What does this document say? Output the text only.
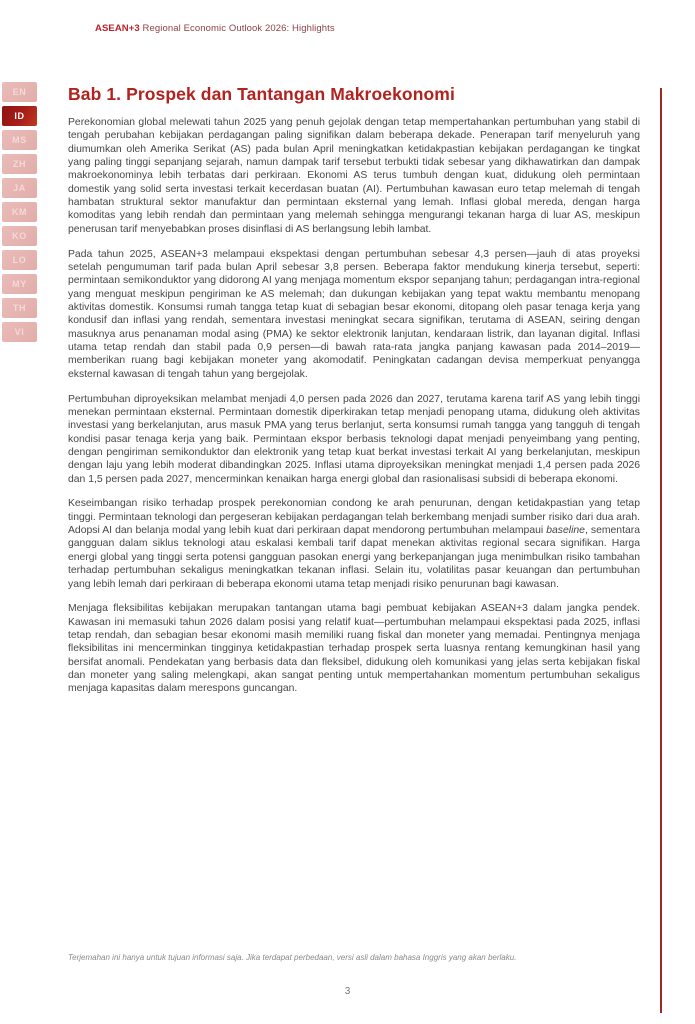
ASEAN+3 Regional Economic Outlook 2026: Highlights
EN
ID
MS
ZH
JA
KM
KO
LO
MY
TH
VI
Bab 1. Prospek dan Tantangan Makroekonomi

Perekonomian global melewati tahun 2025 yang penuh gejolak dengan tetap mempertahankan pertumbuhan yang stabil di tengah perubahan kebijakan perdagangan paling signifikan dalam beberapa dekade. Penerapan tarif menyeluruh yang diumumkan oleh Amerika Serikat (AS) pada bulan April meningkatkan ketidakpastian kebijakan perdagangan ke tingkat yang paling tinggi sepanjang sejarah, namun dampak tarif tersebut terbukti tidak sebesar yang dikhawatirkan dan dampak makroekonominya lebih terbatas dari perkiraan. Ekonomi AS terus tumbuh dengan kuat, didukung oleh permintaan domestik yang solid serta investasi terkait kecerdasan buatan (AI). Pertumbuhan kawasan euro tetap melemah di tengah hambatan struktural sektor manufaktur dan permintaan eksternal yang lemah. Inflasi global mereda, dengan harga komoditas yang lebih rendah dan permintaan yang melemah sehingga mengurangi tekanan harga di luar AS, meskipun penerusan tarif menyebabkan proses disinflasi di AS berlangsung lebih lambat.

Pada tahun 2025, ASEAN+3 melampaui ekspektasi dengan pertumbuhan sebesar 4,3 persen—jauh di atas proyeksi setelah pengumuman tarif pada bulan April sebesar 3,8 persen. Beberapa faktor mendukung kinerja tersebut, seperti: permintaan semikonduktor yang didorong AI yang menjaga momentum ekspor sepanjang tahun; perdagangan intra-regional yang menguat meskipun pengiriman ke AS melemah; dan dukungan kebijakan yang tepat waktu membantu menopang aktivitas domestik. Konsumsi rumah tangga tetap kuat di sebagian besar ekonomi, ditopang oleh pasar tenaga kerja yang kondusif dan inflasi yang rendah, sementara investasi meningkat secara signifikan, terutama di ASEAN, seiring dengan masuknya arus penanaman modal asing (PMA) ke sektor elektronik lanjutan, kendaraan listrik, dan layanan digital. Inflasi utama tetap rendah dan stabil pada 0,9 persen—di bawah rata-rata jangka panjang kawasan pada 2014–2019—memberikan ruang bagi kebijakan moneter yang akomodatif. Peningkatan cadangan devisa memperkuat penyangga eksternal kawasan di tengah tahun yang bergejolak.

Pertumbuhan diproyeksikan melambat menjadi 4,0 persen pada 2026 dan 2027, terutama karena tarif AS yang lebih tinggi menekan permintaan eksternal. Permintaan domestik diperkirakan tetap menjadi penopang utama, didukung oleh aktivitas investasi yang berkelanjutan, arus masuk PMA yang terus berlanjut, serta konsumsi rumah tangga yang tangguh di tengah kondisi pasar tenaga kerja yang baik. Permintaan ekspor berbasis teknologi dapat menjadi penyeimbang yang penting, dengan pengiriman semikonduktor dan elektronik yang tetap kuat berkat investasi terkait AI yang berkelanjutan, meskipun dengan laju yang lebih moderat dibandingkan 2025. Inflasi utama diproyeksikan meningkat menjadi 1,4 persen pada 2026 dan 1,5 persen pada 2027, mencerminkan kenaikan harga energi global dan rasionalisasi subsidi di beberapa ekonomi.

Keseimbangan risiko terhadap prospek perekonomian condong ke arah penurunan, dengan ketidakpastian yang tetap tinggi. Permintaan teknologi dan pergeseran kebijakan perdagangan telah berkembang menjadi sumber risiko dari dua arah. Adopsi AI dan belanja modal yang lebih kuat dari perkiraan dapat mendorong pertumbuhan melampaui baseline, sementara gangguan dalam siklus teknologi atau eskalasi kembali tarif dapat menekan aktivitas regional secara signifikan. Harga energi global yang tinggi serta potensi gangguan pasokan energi yang berkepanjangan juga menimbulkan risiko tambahan terhadap pertumbuhan sekaligus meningkatkan tekanan inflasi. Selain itu, volatilitas pasar keuangan dan pertumbuhan yang lebih lemah dari perkiraan di beberapa ekonomi utama tetap menjadi risiko penurunan bagi kawasan.

Menjaga fleksibilitas kebijakan merupakan tantangan utama bagi pembuat kebijakan ASEAN+3 dalam jangka pendek. Kawasan ini memasuki tahun 2026 dalam posisi yang relatif kuat—pertumbuhan melampaui ekspektasi pada 2025, inflasi tetap rendah, dan sebagian besar ekonomi masih memiliki ruang fiskal dan moneter yang memadai. Pentingnya menjaga fleksibilitas ini mencerminkan tingginya ketidakpastian terhadap prospek serta luasnya rentang kemungkinan hasil yang bersifat anomali. Pendekatan yang berbasis data dan fleksibel, didukung oleh komunikasi yang jelas serta kebijakan fiskal dan moneter yang saling melengkapi, akan sangat penting untuk mempertahankan momentum pertumbuhan sekaligus menjaga kapasitas dalam merespons guncangan.

Terjemahan ini hanya untuk tujuan informasi saja. Jika terdapat perbedaan, versi asli dalam bahasa Inggris yang akan berlaku.
3
